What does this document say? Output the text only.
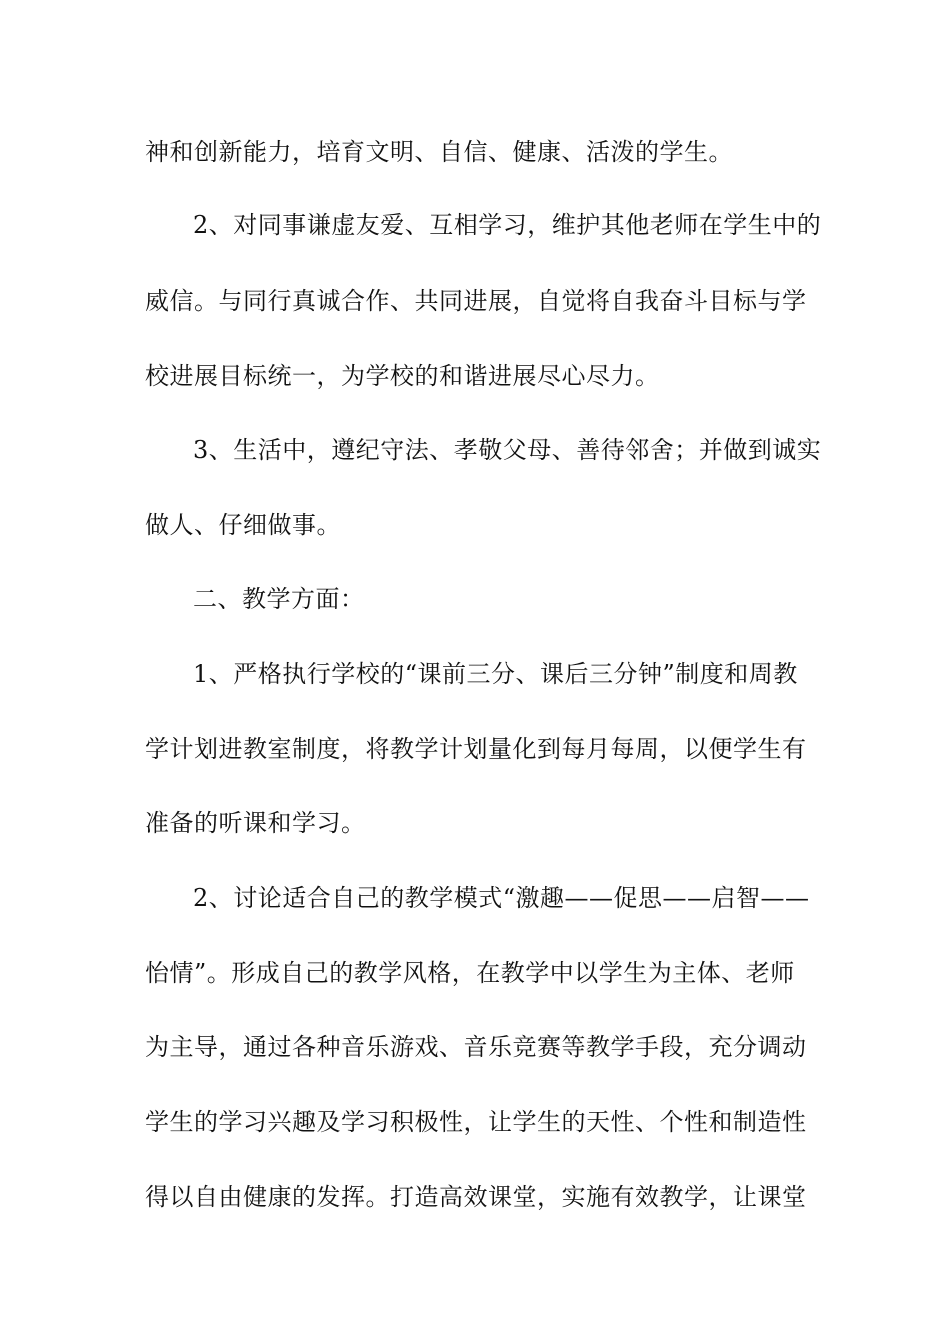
神和创新能力，培育文明、自信、健康、活泼的学生。
2、对同事谦虚友爱、互相学习，维护其他老师在学生中的
威信。与同行真诚合作、共同进展，自觉将自我奋斗目标与学
校进展目标统一，为学校的和谐进展尽心尽力。
3、生活中，遵纪守法、孝敬父母、善待邻舍；并做到诚实
做人、仔细做事。
二、教学方面：
1、严格执行学校的“课前三分、课后三分钟”制度和周教
学计划进教室制度，将教学计划量化到每月每周，以便学生有
准备的听课和学习。
2、讨论适合自己的教学模式“激趣——促思——启智——
怡情”。形成自己的教学风格，在教学中以学生为主体、老师
为主导，通过各种音乐游戏、音乐竞赛等教学手段，充分调动
学生的学习兴趣及学习积极性，让学生的天性、个性和制造性
得以自由健康的发挥。打造高效课堂，实施有效教学，让课堂
